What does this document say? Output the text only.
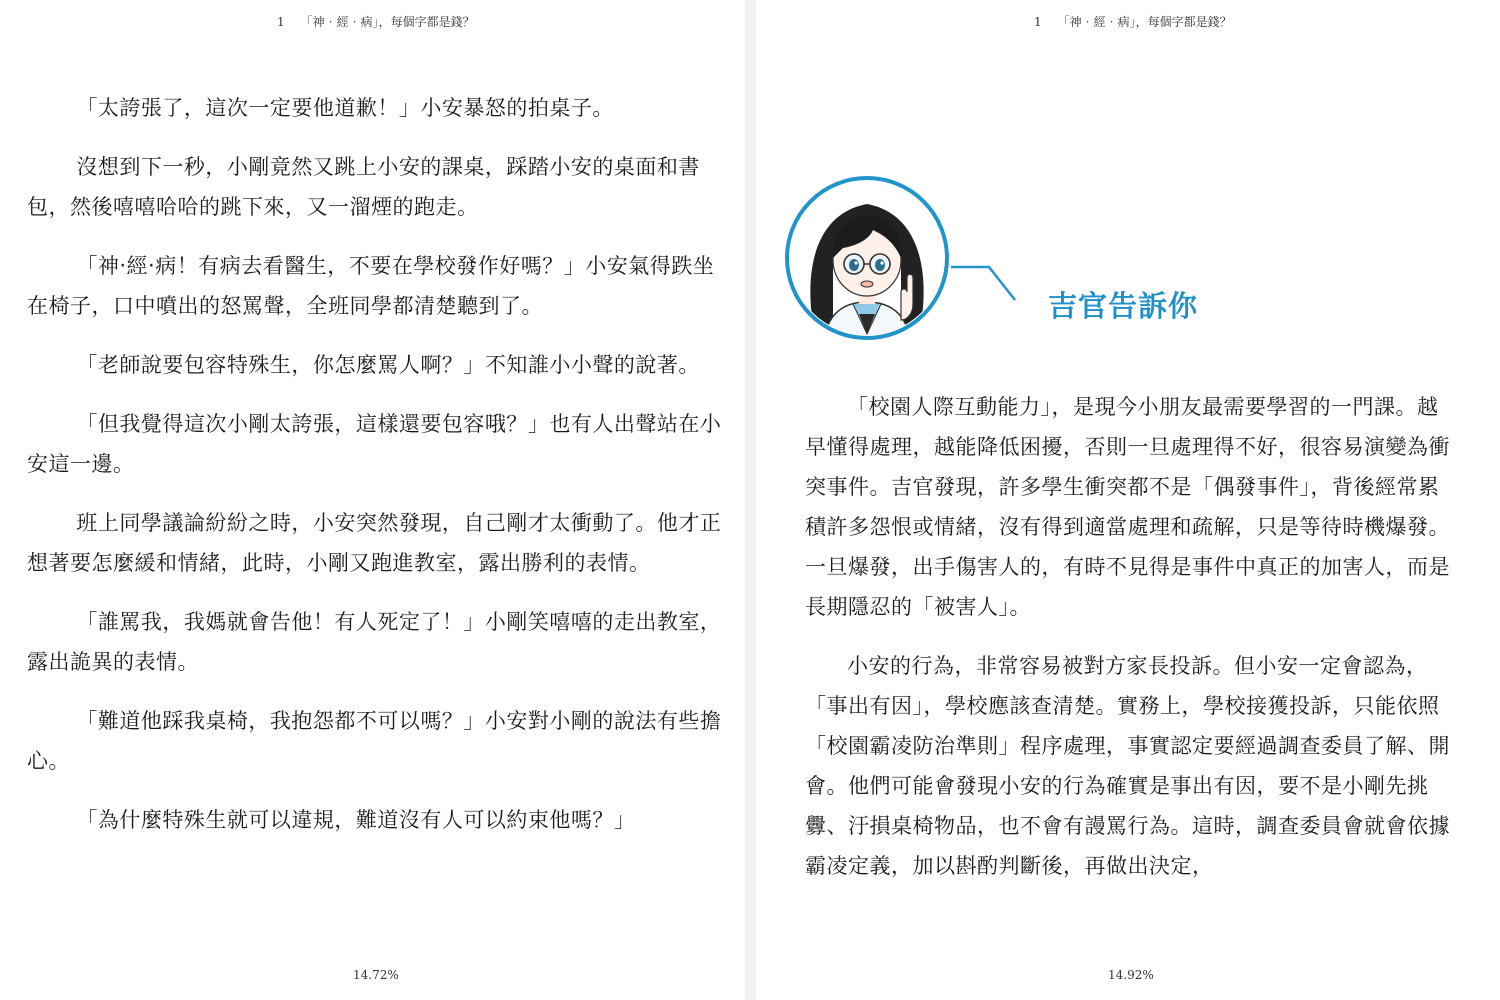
1 「神‧經‧病」，每個字都是錢？

「太誇張了，這次一定要他道歉！」小安暴怒的拍桌子。

沒想到下一秒，小剛竟然又跳上小安的課桌，踩踏小安的桌面和書包，然後嘻嘻哈哈的跳下來，又一溜煙的跑走。

「神‧經‧病！有病去看醫生，不要在學校發作好嗎？」小安氣得跌坐在椅子，口中噴出的怒罵聲，全班同學都清楚聽到了。

「老師說要包容特殊生，你怎麼罵人啊？」不知誰小小聲的說著。

「但我覺得這次小剛太誇張，這樣還要包容哦？」也有人出聲站在小安這一邊。

班上同學議論紛紛之時，小安突然發現，自己剛才太衝動了。他才正想著要怎麼緩和情緒，此時，小剛又跑進教室，露出勝利的表情。

「誰罵我，我媽就會告他！有人死定了！」小剛笑嘻嘻的走出教室，露出詭異的表情。

「難道他踩我桌椅，我抱怨都不可以嗎？」小安對小剛的說法有些擔心。

「為什麼特殊生就可以違規，難道沒有人可以約束他嗎？」

14.72%
1 「神‧經‧病」，每個字都是錢？
吉官告訴你

「校園人際互動能力」，是現今小朋友最需要學習的一門課。越早懂得處理，越能降低困擾，否則一旦處理得不好，很容易演變為衝突事件。吉官發現，許多學生衝突都不是「偶發事件」，背後經常累積許多怨恨或情緒，沒有得到適當處理和疏解，只是等待時機爆發。一旦爆發，出手傷害人的，有時不見得是事件中真正的加害人，而是長期隱忍的「被害人」。

小安的行為，非常容易被對方家長投訴。但小安一定會認為，「事出有因」，學校應該查清楚。實務上，學校接獲投訴，只能依照「校園霸凌防治準則」程序處理，事實認定要經過調查委員了解、開會。他們可能會發現小安的行為確實是事出有因，要不是小剛先挑釁、汙損桌椅物品，也不會有謾罵行為。這時，調查委員會就會依據霸凌定義，加以斟酌判斷後，再做出決定，

14.92%
